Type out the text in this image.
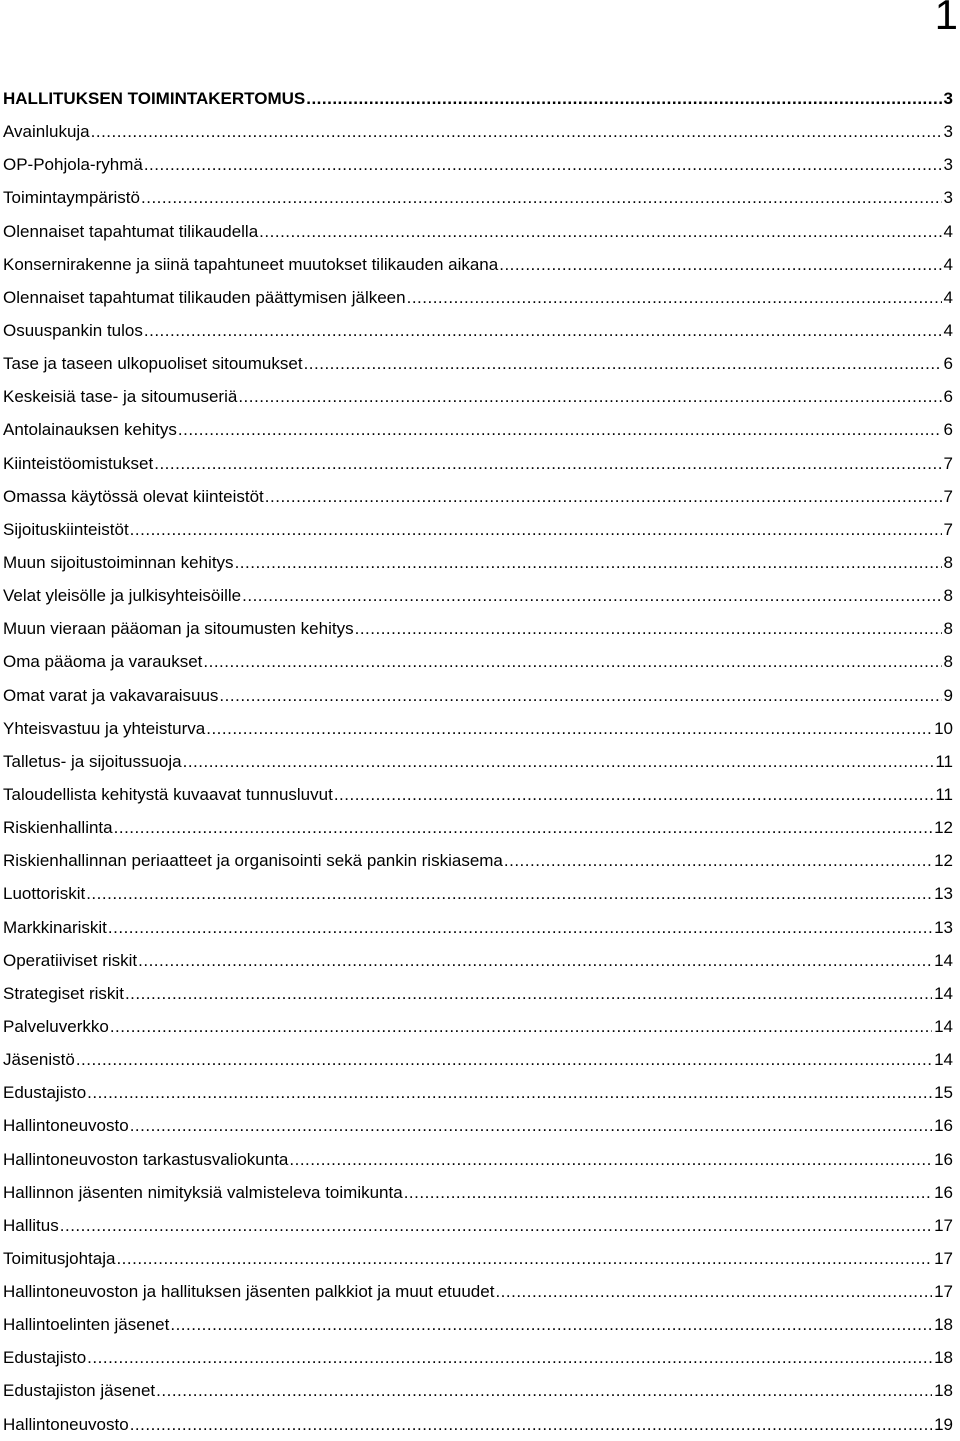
1
HALLITUKSEN TOIMINTAKERTOMUS .....	3
Avainlukuja .....	3
OP-Pohjola-ryhmä .....	3
Toimintaympäristö .....	3
Olennaiset tapahtumat tilikaudella .....	4
Konsernirakenne ja siinä tapahtuneet muutokset tilikauden aikana .....	4
Olennaiset tapahtumat tilikauden päättymisen jälkeen .....	4
Osuuspankin tulos .....	4
Tase ja taseen ulkopuoliset sitoumukset .....	6
Keskeisiä tase- ja sitoumuseriä .....	6
Antolainauksen kehitys .....	6
Kiinteistöomistukset .....	7
Omassa käytössä olevat kiinteistöt .....	7
Sijoituskiinteistöt .....	7
Muun sijoitustoiminnan kehitys .....	8
Velat yleisölle ja julkisyhteisöille .....	8
Muun vieraan pääoman ja sitoumusten kehitys .....	8
Oma pääoma ja varaukset .....	8
Omat varat ja vakavaraisuus .....	9
Yhteisvastuu ja yhteisturva .....	10
Talletus- ja sijoitussuoja .....	11
Taloudellista kehitystä kuvaavat tunnusluvut .....	11
Riskienhallinta .....	12
Riskienhallinnan periaatteet ja organisointi sekä pankin riskiasema .....	12
Luottoriskit .....	13
Markkinariskit .....	13
Operatiiviset riskit .....	14
Strategiset riskit .....	14
Palveluverkko .....	14
Jäsenistö .....	14
Edustajisto .....	15
Hallintoneuvosto .....	16
Hallintoneuvoston tarkastusvaliokunta .....	16
Hallinnon jäsenten nimityksiä valmisteleva toimikunta .....	16
Hallitus .....	17
Toimitusjohtaja .....	17
Hallintoneuvoston ja hallituksen jäsenten palkkiot ja muut etuudet .....	17
Hallintoelinten jäsenet .....	18
Edustajisto .....	18
Edustajiston jäsenet .....	18
Hallintoneuvosto .....	19
